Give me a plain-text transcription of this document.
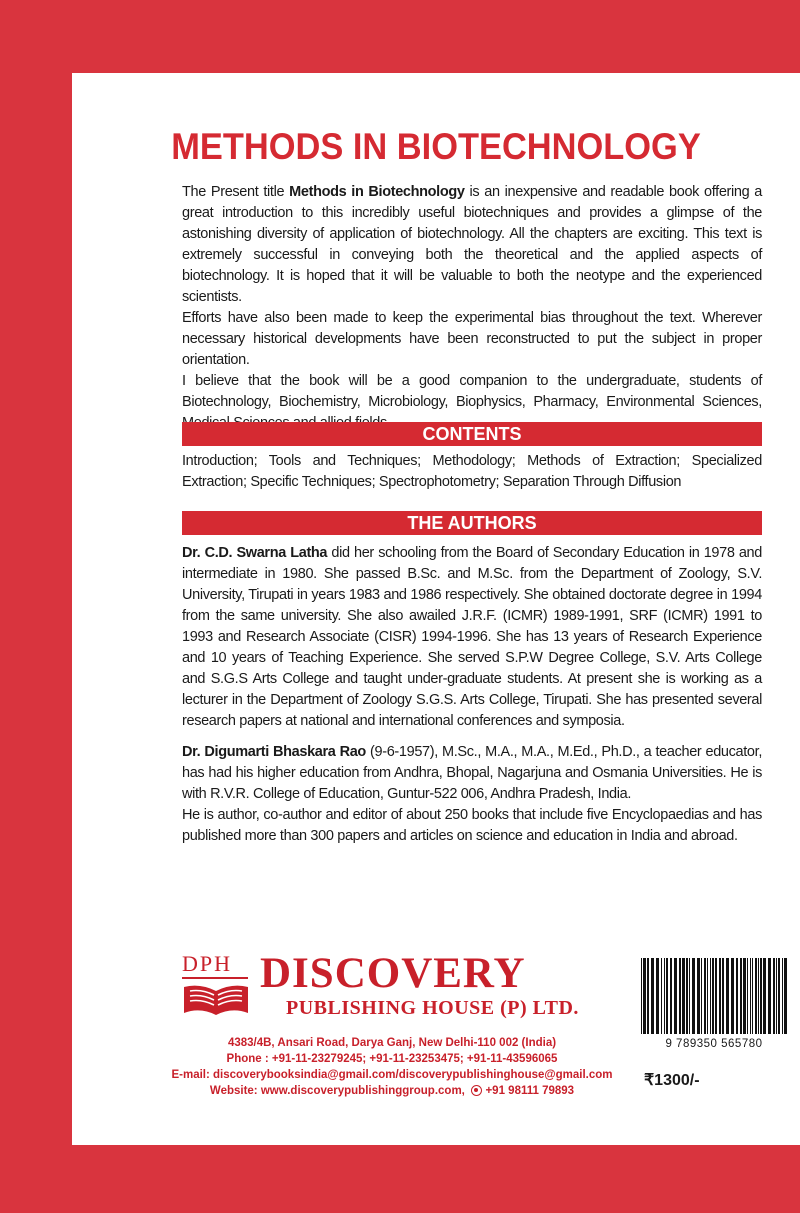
METHODS IN BIOTECHNOLOGY

The Present title Methods in Biotechnology is an inexpensive and readable book offering a great introduction to this incredibly useful biotechniques and provides a glimpse of the astonishing diversity of application of biotechnology. All the chapters are exciting. This text is extremely successful in conveying both the theoretical and the applied aspects of biotechnology. It is hoped that it will be valuable to both the neotype and the experienced scientists.

Efforts have also been made to keep the experimental bias throughout the text. Wherever necessary historical developments have been reconstructed to put the subject in proper orientation.

I believe that the book will be a good companion to the undergraduate, students of Biotechnology, Biochemistry, Microbiology, Biophysics, Pharmacy, Environmental Sciences,

CONTENTS
Introduction; Tools and Techniques; Methodology; Methods of Extraction; Specialized Extraction; Specific Techniques; Spectrophotometry; Separation Through Diffusion
THE AUTHORS

Dr. C.D. Swarna Latha did her schooling from the Board of Secondary Education in 1978 and intermediate in 1980. She passed B.Sc. and M.Sc. from the Department of Zoology, S.V. University, Tirupati in years 1983 and 1986 respectively. She obtained doctorate degree in 1994 from the same university. She also awailed J.R.F. (ICMR) 1989-1991, SRF (ICMR) 1991 to 1993 and Research Associate (CISR) 1994-1996. She has 13 years of Research Experience and 10 years of Teaching Experience. She served S.P.W Degree College, S.V. Arts College and S.G.S Arts College and taught under-graduate students. At present she is working as a lecturer in the Department of Zoology S.G.S. Arts College, Tirupati. She has presented several research papers at national and international conferences and symposia.

Dr. Digumarti Bhaskara Rao (9-6-1957), M.Sc., M.A., M.A., M.Ed., Ph.D., a teacher educator, has had his higher education from Andhra, Bhopal, Nagarjuna and Osmania Universities. He is with R.V.R. College of Education, Guntur-522 006, Andhra Pradesh, India.

He is author, co-author and editor of about 250 books that include five Encyclopaedias and has published more than 300 papers and articles on science and education in India and abroad.

DPH DISCOVERY
PUBLISHING HOUSE (P) LTD.
4383/4B, Ansari Road, Darya Ganj, New Delhi-110 002 (India)
Phone : +91-11-23279245; +91-11-23253475; +91-11-43596065
E-mail: discoverybooksindia@gmail.com/discoverypublishinghouse@gmail.com
Website: www.discoverypublishinggroup.com, +91 98111 79893
9 789350 565780
₹1300/-
